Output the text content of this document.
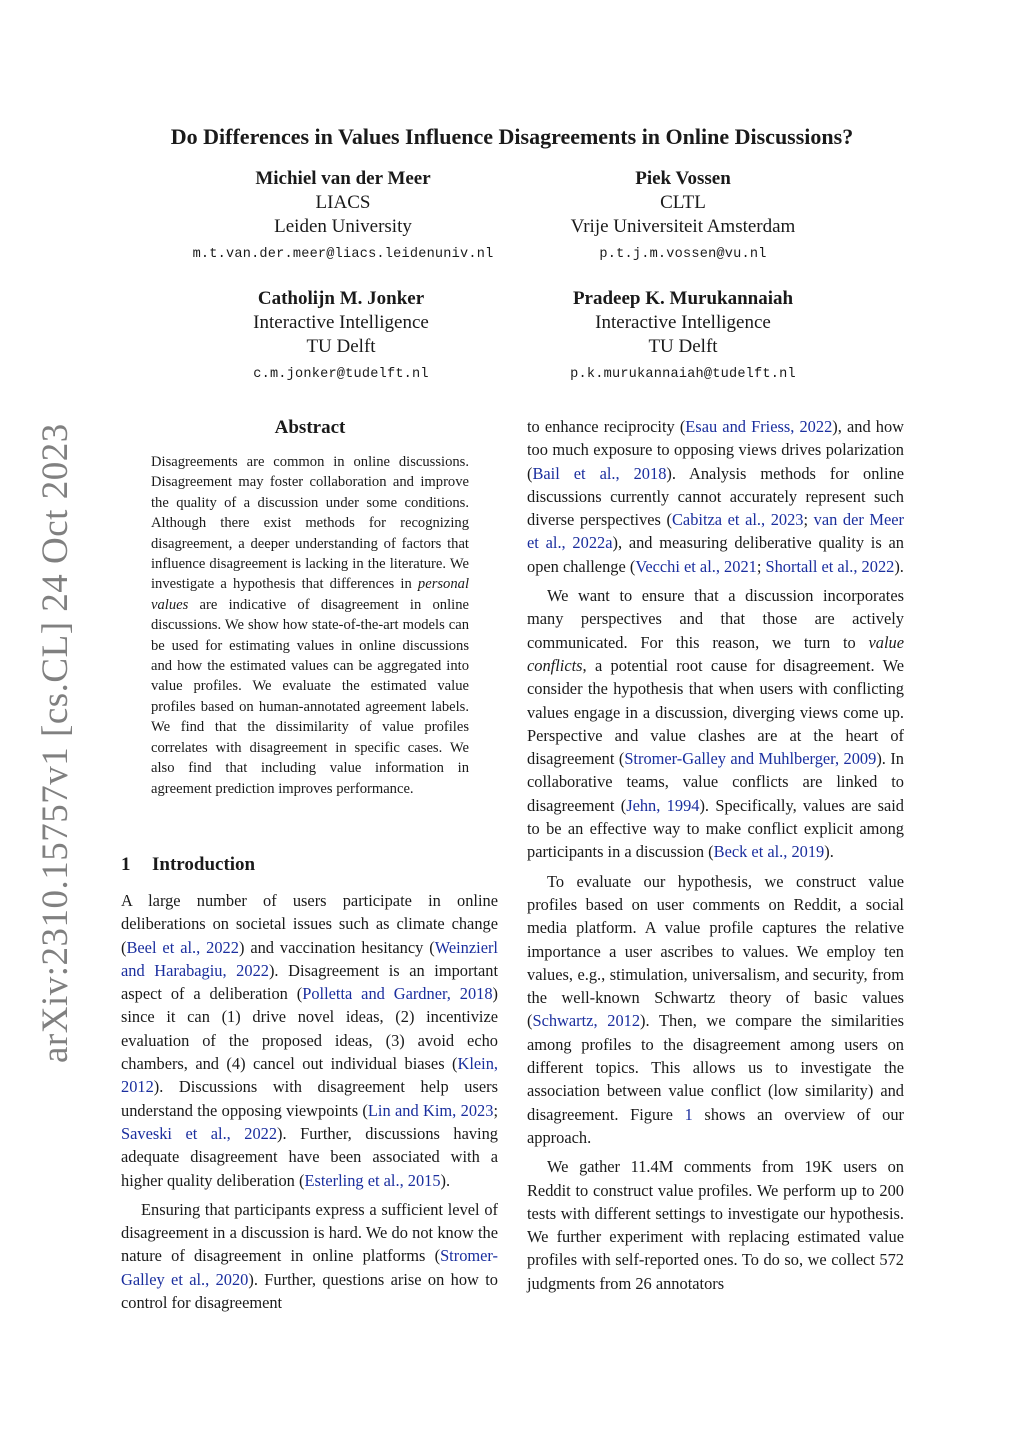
arXiv:2310.15757v1 [cs.CL] 24 Oct 2023
Do Differences in Values Influence Disagreements in Online Discussions?
Michiel van der Meer
LIACS
Leiden University
m.t.van.der.meer@liacs.leidenuniv.nl
Piek Vossen
CLTL
Vrije Universiteit Amsterdam
p.t.j.m.vossen@vu.nl
Catholijn M. Jonker
Interactive Intelligence
TU Delft
c.m.jonker@tudelft.nl
Pradeep K. Murukannaiah
Interactive Intelligence
TU Delft
p.k.murukannaiah@tudelft.nl
Abstract
Disagreements are common in online discussions. Disagreement may foster collaboration and improve the quality of a discussion under some conditions. Although there exist methods for recognizing disagreement, a deeper understanding of factors that influence disagreement is lacking in the literature. We investigate a hypothesis that differences in personal values are indicative of disagreement in online discussions. We show how state-of-the-art models can be used for estimating values in online discussions and how the estimated values can be aggregated into value profiles. We evaluate the estimated value profiles based on human-annotated agreement labels. We find that the dissimilarity of value profiles correlates with disagreement in specific cases. We also find that including value information in agreement prediction improves performance.
1 Introduction

A large number of users participate in online deliberations on societal issues such as climate change (Beel et al., 2022) and vaccination hesitancy (Weinzierl and Harabagiu, 2022). Disagreement is an important aspect of a deliberation (Polletta and Gardner, 2018) since it can (1) drive novel ideas, (2) incentivize evaluation of the proposed ideas, (3) avoid echo chambers, and (4) cancel out individual biases (Klein, 2012). Discussions with disagreement help users understand the opposing viewpoints (Lin and Kim, 2023; Saveski et al., 2022). Further, discussions having adequate disagreement have been associated with a higher quality deliberation (Esterling et al., 2015).

Ensuring that participants express a sufficient level of disagreement in a discussion is hard. We do not know the nature of disagreement in online platforms (Stromer-Galley et al., 2020). Further, questions arise on how to control for disagreement

to enhance reciprocity (Esau and Friess, 2022), and how too much exposure to opposing views drives polarization (Bail et al., 2018). Analysis methods for online discussions currently cannot accurately represent such diverse perspectives (Cabitza et al., 2023; van der Meer et al., 2022a), and measuring deliberative quality is an open challenge (Vecchi et al., 2021; Shortall et al., 2022).

We want to ensure that a discussion incorporates many perspectives and that those are actively communicated. For this reason, we turn to value conflicts, a potential root cause for disagreement. We consider the hypothesis that when users with conflicting values engage in a discussion, diverging views come up. Perspective and value clashes are at the heart of disagreement (Stromer-Galley and Muhlberger, 2009). In collaborative teams, value conflicts are linked to disagreement (Jehn, 1994). Specifically, values are said to be an effective way to make conflict explicit among participants in a discussion (Beck et al., 2019).

To evaluate our hypothesis, we construct value profiles based on user comments on Reddit, a social media platform. A value profile captures the relative importance a user ascribes to values. We employ ten values, e.g., stimulation, universalism, and security, from the well-known Schwartz theory of basic values (Schwartz, 2012). Then, we compare the similarities among profiles to the disagreement among users on different topics. This allows us to investigate the association between value conflict (low similarity) and disagreement. Figure 1 shows an overview of our approach.

We gather 11.4M comments from 19K users on Reddit to construct value profiles. We perform up to 200 tests with different settings to investigate our hypothesis. We further experiment with replacing estimated value profiles with self-reported ones. To do so, we collect 572 judgments from 26 annotators
